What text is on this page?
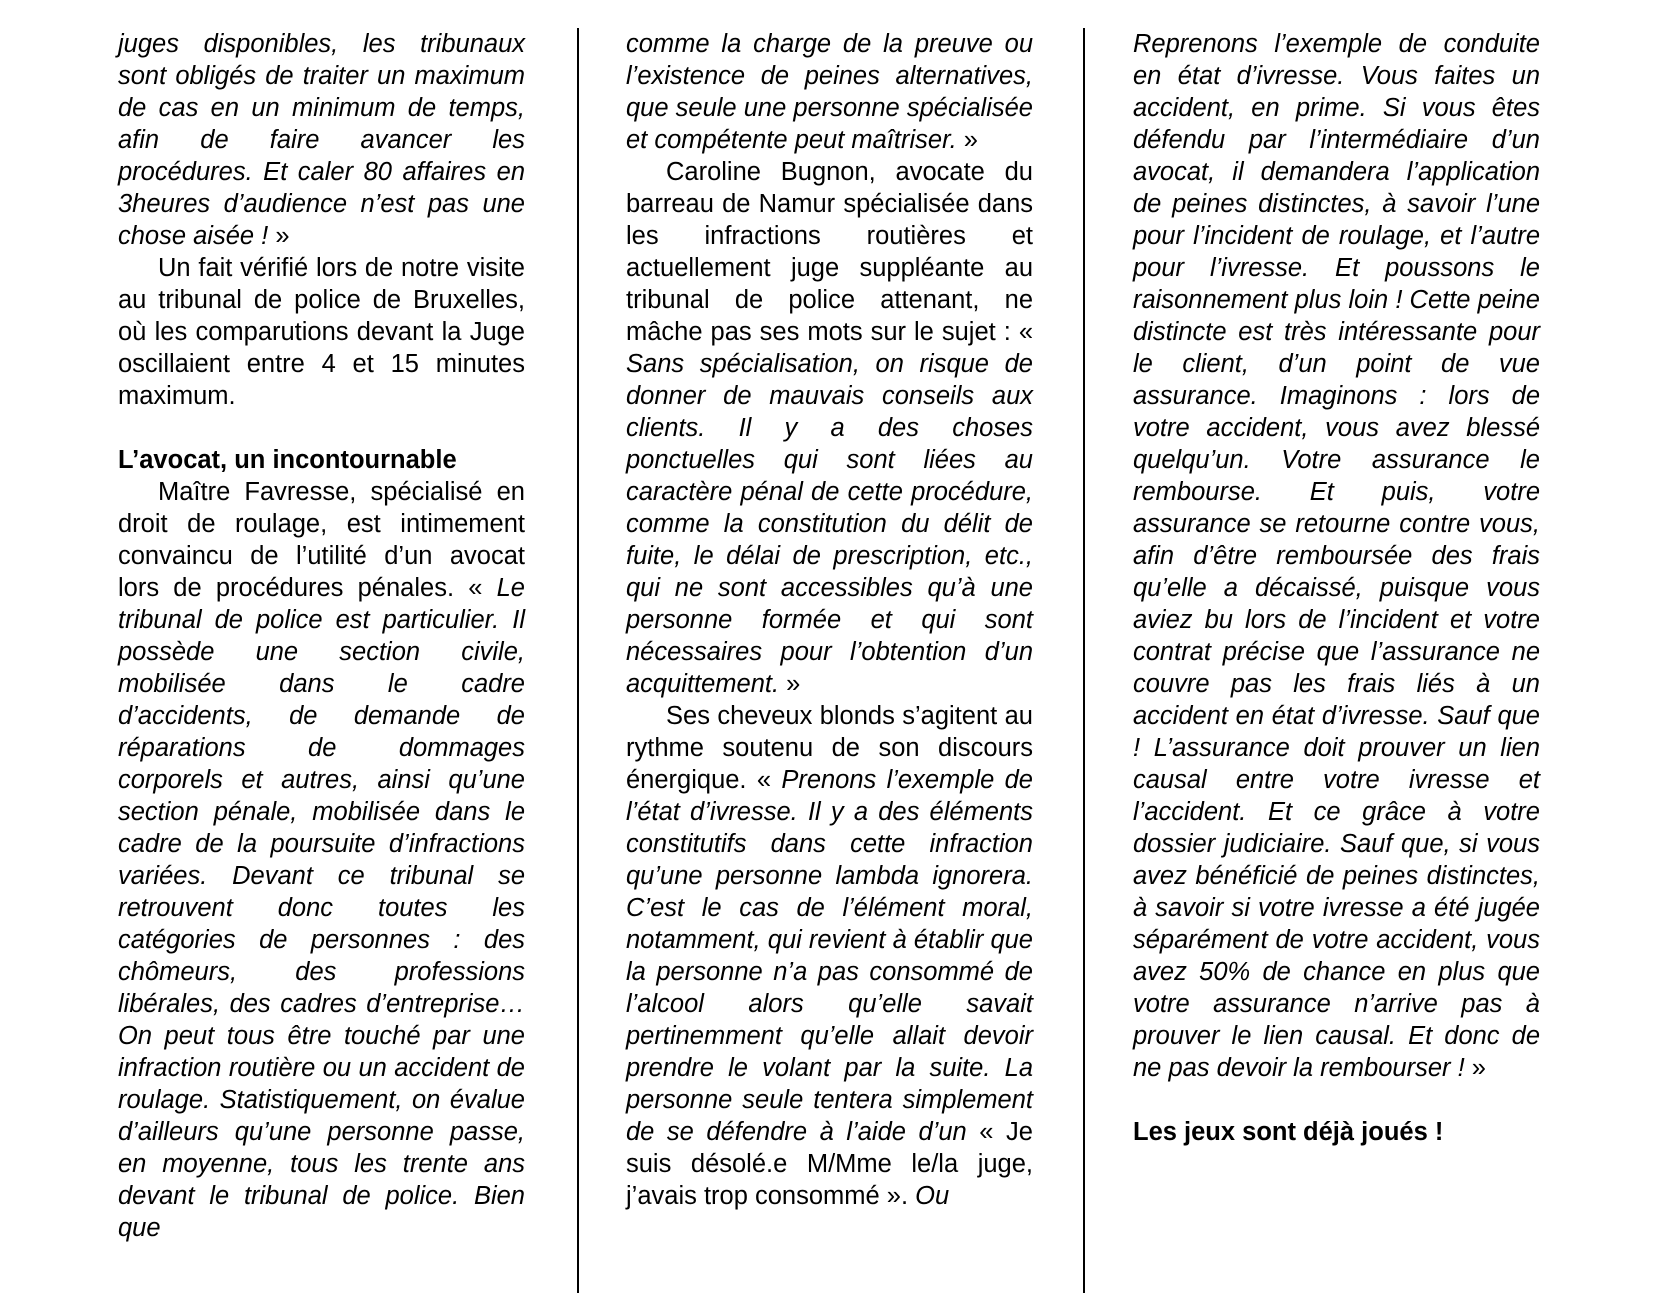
juges disponibles, les tribunaux sont obligés de traiter un maximum de cas en un minimum de temps, afin de faire avancer les procédures. Et caler 80 affaires en 3heures d’audience n’est pas une chose aisée ! »
Un fait vérifié lors de notre visite au tribunal de police de Bruxelles, où les comparutions devant la Juge oscillaient entre 4 et 15 minutes maximum.
L’avocat, un incontournable
Maître Favresse, spécialisé en droit de roulage, est intimement convaincu de l’utilité d’un avocat lors de procédures pénales. « Le tribunal de police est particulier. Il possède une section civile, mobilisée dans le cadre d’accidents, de demande de réparations de dommages corporels et autres, ainsi qu’une section pénale, mobilisée dans le cadre de la poursuite d’infractions variées. Devant ce tribunal se retrouvent donc toutes les catégories de personnes : des chômeurs, des professions libérales, des cadres d’entreprise… On peut tous être touché par une infraction routière ou un accident de roulage. Statistiquement, on évalue d’ailleurs qu’une personne passe, en moyenne, tous les trente ans devant le tribunal de police. Bien que
comme la charge de la preuve ou l’existence de peines alternatives, que seule une personne spécialisée et compétente peut maîtriser. »
Caroline Bugnon, avocate du barreau de Namur spécialisée dans les infractions routières et actuellement juge suppléante au tribunal de police attenant, ne mâche pas ses mots sur le sujet : « Sans spécialisation, on risque de donner de mauvais conseils aux clients. Il y a des choses ponctuelles qui sont liées au caractère pénal de cette procédure, comme la constitution du délit de fuite, le délai de prescription, etc., qui ne sont accessibles qu’à une personne formée et qui sont nécessaires pour l’obtention d’un acquittement. »
Ses cheveux blonds s’agitent au rythme soutenu de son discours énergique. « Prenons l’exemple de l’état d’ivresse. Il y a des éléments constitutifs dans cette infraction qu’une personne lambda ignorera. C’est le cas de l’élément moral, notamment, qui revient à établir que la personne n’a pas consommé de l’alcool alors qu’elle savait pertinemment qu’elle allait devoir prendre le volant par la suite. La personne seule tentera simplement de se défendre à l’aide d’un « Je suis désolé.e M/Mme le/la juge, j’avais trop consommé ». Ou
Reprenons l’exemple de conduite en état d’ivresse. Vous faites un accident, en prime. Si vous êtes défendu par l’intermédiaire d’un avocat, il demandera l’application de peines distinctes, à savoir l’une pour l’incident de roulage, et l’autre pour l’ivresse. Et poussons le raisonnement plus loin ! Cette peine distincte est très intéressante pour le client, d’un point de vue assurance. Imaginons : lors de votre accident, vous avez blessé quelqu’un. Votre assurance le rembourse. Et puis, votre assurance se retourne contre vous, afin d’être remboursée des frais qu’elle a décaissé, puisque vous aviez bu lors de l’incident et votre contrat précise que l’assurance ne couvre pas les frais liés à un accident en état d’ivresse. Sauf que ! L’assurance doit prouver un lien causal entre votre ivresse et l’accident. Et ce grâce à votre dossier judiciaire. Sauf que, si vous avez bénéficié de peines distinctes, à savoir si votre ivresse a été jugée séparément de votre accident, vous avez 50% de chance en plus que votre assurance n’arrive pas à prouver le lien causal. Et donc de ne pas devoir la rembourser ! »
Les jeux sont déjà joués !
